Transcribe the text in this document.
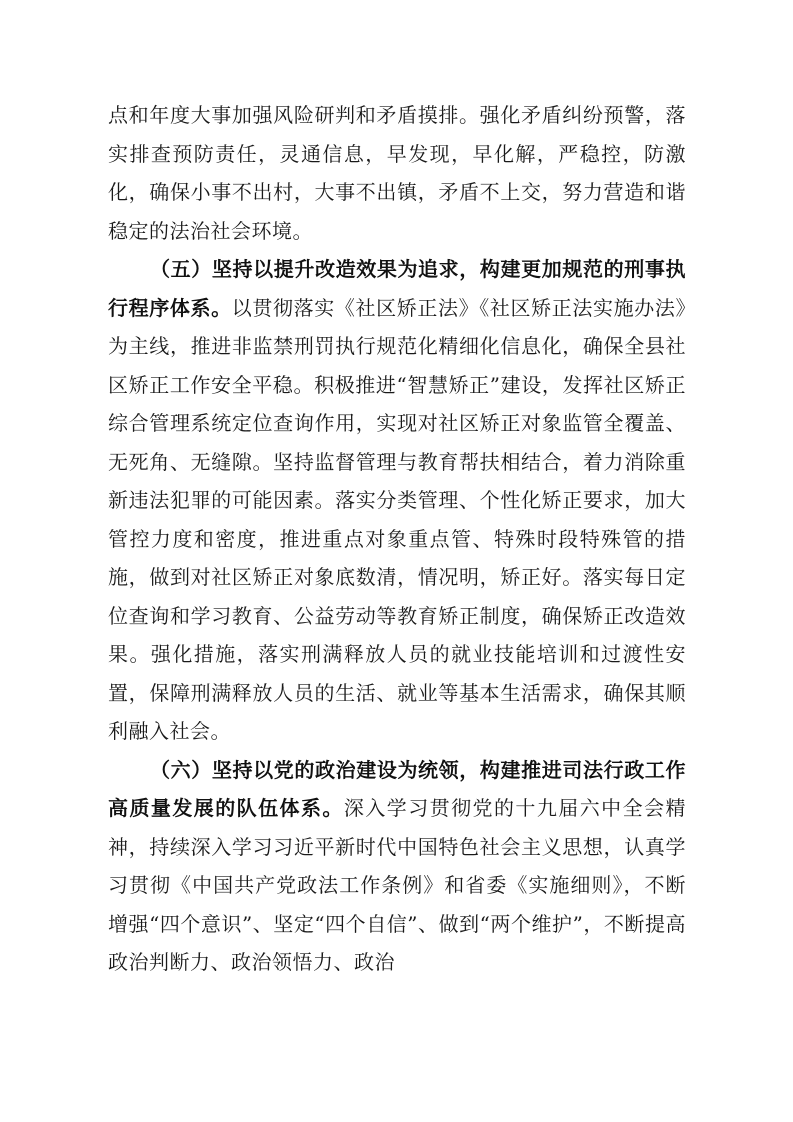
点和年度大事加强风险研判和矛盾摸排。强化矛盾纠纷预警，落实排查预防责任，灵通信息，早发现，早化解，严稳控，防激化，确保小事不出村，大事不出镇，矛盾不上交，努力营造和谐稳定的法治社会环境。

（五）坚持以提升改造效果为追求，构建更加规范的刑事执行程序体系。以贯彻落实《社区矫正法》《社区矫正法实施办法》为主线，推进非监禁刑罚执行规范化精细化信息化，确保全县社区矫正工作安全平稳。积极推进“智慧矫正”建设，发挥社区矫正综合管理系统定位查询作用，实现对社区矫正对象监管全覆盖、无死角、无缝隙。坚持监督管理与教育帮扶相结合，着力消除重新违法犯罪的可能因素。落实分类管理、个性化矫正要求，加大管控力度和密度，推进重点对象重点管、特殊时段特殊管的措施，做到对社区矫正对象底数清，情况明，矫正好。落实每日定位查询和学习教育、公益劳动等教育矫正制度，确保矫正改造效果。强化措施，落实刑满释放人员的就业技能培训和过渡性安置，保障刑满释放人员的生活、就业等基本生活需求，确保其顺利融入社会。

（六）坚持以党的政治建设为统领，构建推进司法行政工作高质量发展的队伍体系。深入学习贯彻党的十九届六中全会精神，持续深入学习习近平新时代中国特色社会主义思想，认真学习贯彻《中国共产党政法工作条例》和省委《实施细则》，不断增强“四个意识”、坚定“四个自信”、做到“两个维护”，不断提高政治判断力、政治领悟力、政治
